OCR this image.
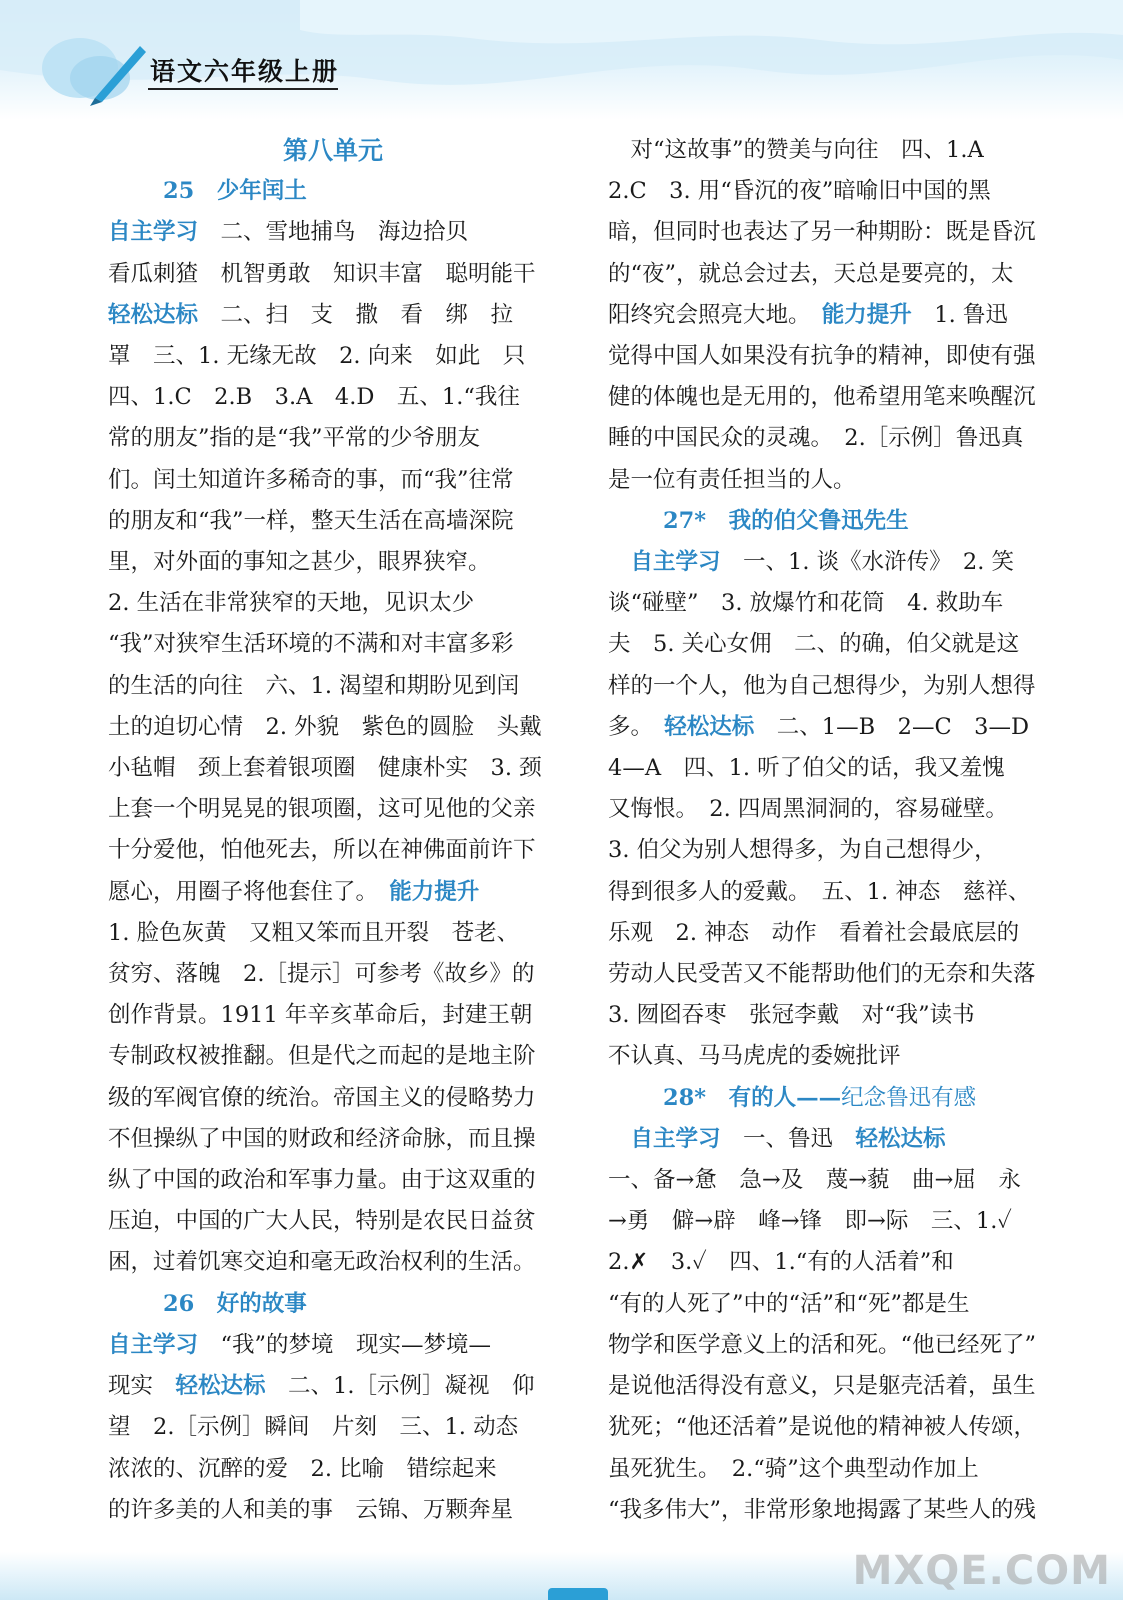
语文六年级上册

第八单元

25　少年闰土

自主学习　二、雪地捕鸟　海边拾贝

看瓜刺猹　机智勇敢　知识丰富　聪明能干

轻松达标　二、扫　支　撒　看　绑　拉

罩　三、1. 无缘无故　2. 向来　如此　只

四、1.C　2.B　3.A　4.D　五、1.“我往

常的朋友”指的是“我”平常的少爷朋友

们。闰土知道许多稀奇的事，而“我”往常

的朋友和“我”一样，整天生活在高墙深院

里，对外面的事知之甚少，眼界狭窄。

2. 生活在非常狭窄的天地，见识太少

“我”对狭窄生活环境的不满和对丰富多彩

的生活的向往　六、1. 渴望和期盼见到闰

土的迫切心情　2. 外貌　紫色的圆脸　头戴

小毡帽　颈上套着银项圈　健康朴实　3. 颈

上套一个明晃晃的银项圈，这可见他的父亲

十分爱他，怕他死去，所以在神佛面前许下

愿心，用圈子将他套住了。　能力提升

1. 脸色灰黄　又粗又笨而且开裂　苍老、

贫穷、落魄　2.［提示］可参考《故乡》的

创作背景。1911 年辛亥革命后，封建王朝

专制政权被推翻。但是代之而起的是地主阶

级的军阀官僚的统治。帝国主义的侵略势力

不但操纵了中国的财政和经济命脉，而且操

纵了中国的政治和军事力量。由于这双重的

压迫，中国的广大人民，特别是农民日益贫

困，过着饥寒交迫和毫无政治权利的生活。

26　好的故事

自主学习　“我”的梦境　现实—梦境—

现实　轻松达标　二、1.［示例］凝视　仰

望　2.［示例］瞬间　片刻　三、1. 动态

浓浓的、沉醉的爱　2. 比喻　错综起来

的许多美的人和美的事　云锦、万颗奔星

　对“这故事”的赞美与向往　四、1.A

2.C　3. 用“昏沉的夜”暗喻旧中国的黑

暗，但同时也表达了另一种期盼：既是昏沉

的“夜”，就总会过去，天总是要亮的，太

阳终究会照亮大地。　能力提升　1. 鲁迅

觉得中国人如果没有抗争的精神，即使有强

健的体魄也是无用的，他希望用笔来唤醒沉

睡的中国民众的灵魂。　2.［示例］鲁迅真

是一位有责任担当的人。

27*　我的伯父鲁迅先生

　自主学习　一、1. 谈《水浒传》　2. 笑

谈“碰壁”　3. 放爆竹和花筒　4. 救助车

夫　5. 关心女佣　二、的确，伯父就是这

样的一个人，他为自己想得少，为别人想得

多。　轻松达标　二、1—B　2—C　3—D

4—A　四、1. 听了伯父的话，我又羞愧

又悔恨。　2. 四周黑洞洞的，容易碰壁。

3. 伯父为别人想得多，为自己想得少，

得到很多人的爱戴。　五、1. 神态　慈祥、

乐观　2. 神态　动作　看着社会最底层的

劳动人民受苦又不能帮助他们的无奈和失落

3. 囫囵吞枣　张冠李戴　对“我”读书

不认真、马马虎虎的委婉批评

28*　有的人——纪念鲁迅有感

　自主学习　一、鲁迅　轻松达标

一、备→惫　急→及　蔑→藐　曲→屈　永

→勇　僻→辟　峰→锋　即→际　三、1.✓

2.✗　3.✓　四、1.“有的人活着”和

“有的人死了”中的“活”和“死”都是生

物学和医学意义上的活和死。“他已经死了”

是说他活得没有意义，只是躯壳活着，虽生

犹死；“他还活着”是说他的精神被人传颂，

虽死犹生。　2.“骑”这个典型动作加上

“我多伟大”，非常形象地揭露了某些人的残

MXQE.COM
